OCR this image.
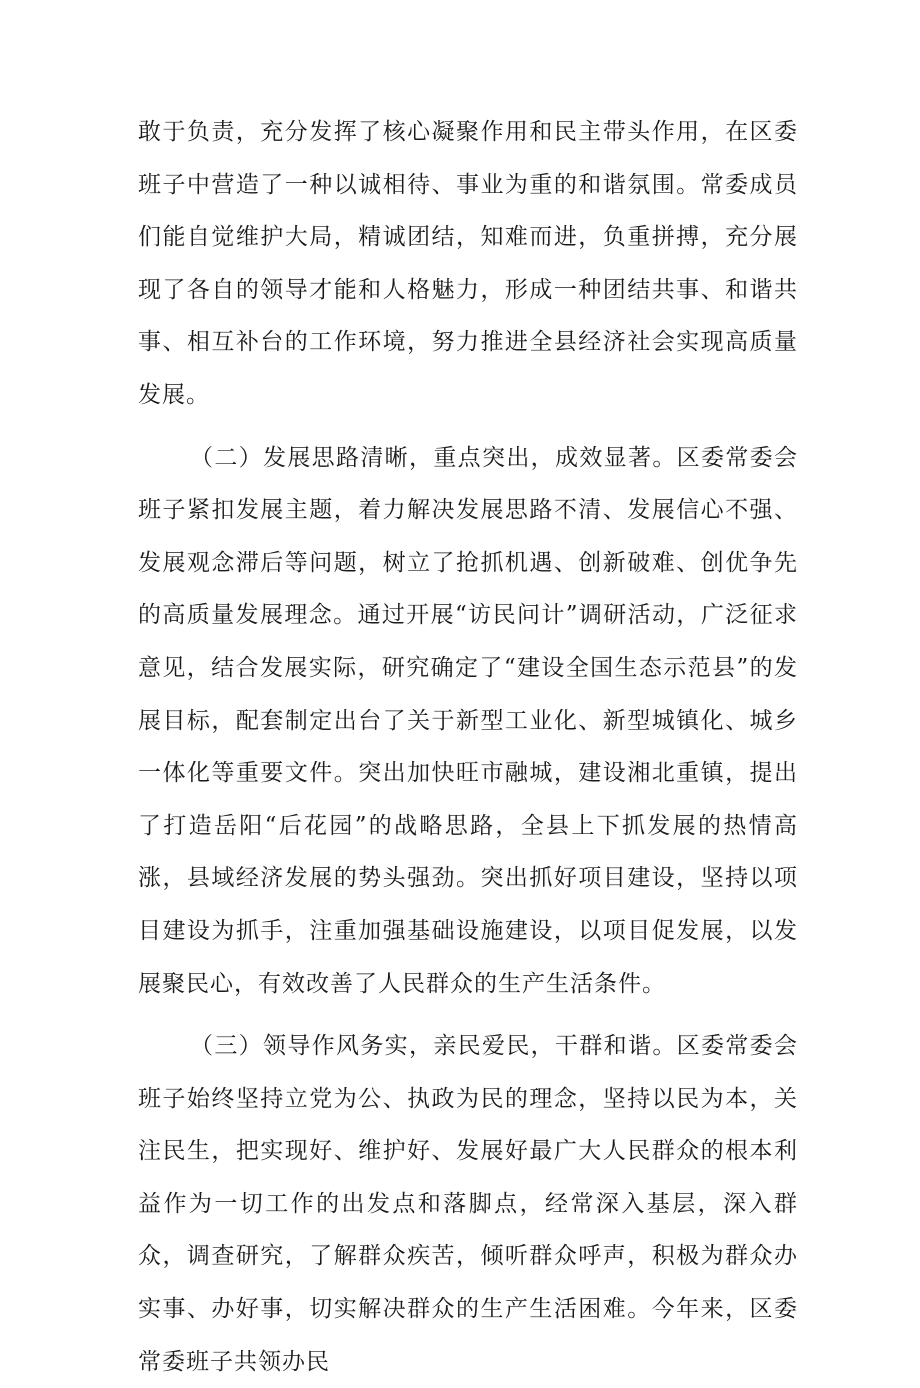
敢于负责，充分发挥了核心凝聚作用和民主带头作用，在区委班子中营造了一种以诚相待、事业为重的和谐氛围。常委成员们能自觉维护大局，精诚团结，知难而进，负重拼搏，充分展现了各自的领导才能和人格魅力，形成一种团结共事、和谐共事、相互补台的工作环境，努力推进全县经济社会实现高质量发展。

（二）发展思路清晰，重点突出，成效显著。区委常委会班子紧扣发展主题，着力解决发展思路不清、发展信心不强、发展观念滞后等问题，树立了抢抓机遇、创新破难、创优争先的高质量发展理念。通过开展“访民问计”调研活动，广泛征求意见，结合发展实际，研究确定了“建设全国生态示范县”的发展目标，配套制定出台了关于新型工业化、新型城镇化、城乡一体化等重要文件。突出加快旺市融城，建设湘北重镇，提出了打造岳阳“后花园”的战略思路，全县上下抓发展的热情高涨，县域经济发展的势头强劲。突出抓好项目建设，坚持以项目建设为抓手，注重加强基础设施建设，以项目促发展，以发展聚民心，有效改善了人民群众的生产生活条件。

（三）领导作风务实，亲民爱民，干群和谐。区委常委会班子始终坚持立党为公、执政为民的理念，坚持以民为本，关注民生，把实现好、维护好、发展好最广大人民群众的根本利益作为一切工作的出发点和落脚点，经常深入基层，深入群众，调查研究，了解群众疾苦，倾听群众呼声，积极为群众办实事、办好事，切实解决群众的生产生活困难。今年来，区委常委班子共领办民
